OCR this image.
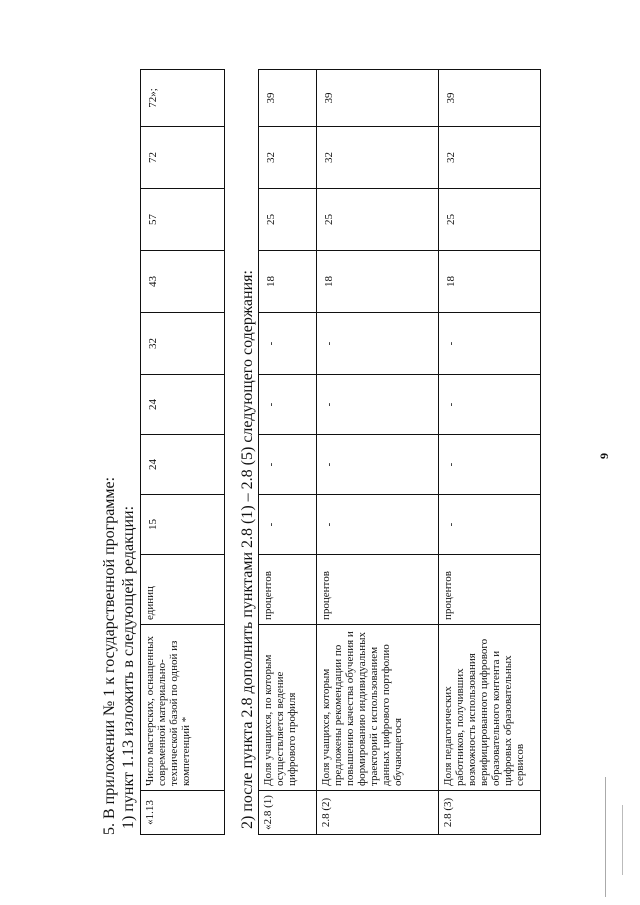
9
5. В приложении № 1 к государственной программе: 1) пункт 1.13 изложить в следующей редакции: «1.13	Число мастерских, оснащенных современной материально-технической базой по одной из компетенций *	единиц	15	24	24	32	43	57	72	72»;
2) после пункта 2.8 дополнить пунктами 2.8 (1) – 2.8 (5) следующего содержания: «2.8 (1)	Доля учащихся, по которым осуществляется ведение цифрового профиля	процентов	-	-	-	-	18	25	32	39
2.8 (2)	Доля учащихся, которым предложены рекомендации по повышению качества обучения и формированию индивидуальных траекторий с использованием данных цифрового портфолио обучающегося	процентов	-	-	-	-	18	25	32	39
2.8 (3)	Доля педагогических работников, получивших возможность использования верифицированного цифрового образовательного контента и цифровых образовательных сервисов	процентов	-	-	-	-	18	25	32	39
